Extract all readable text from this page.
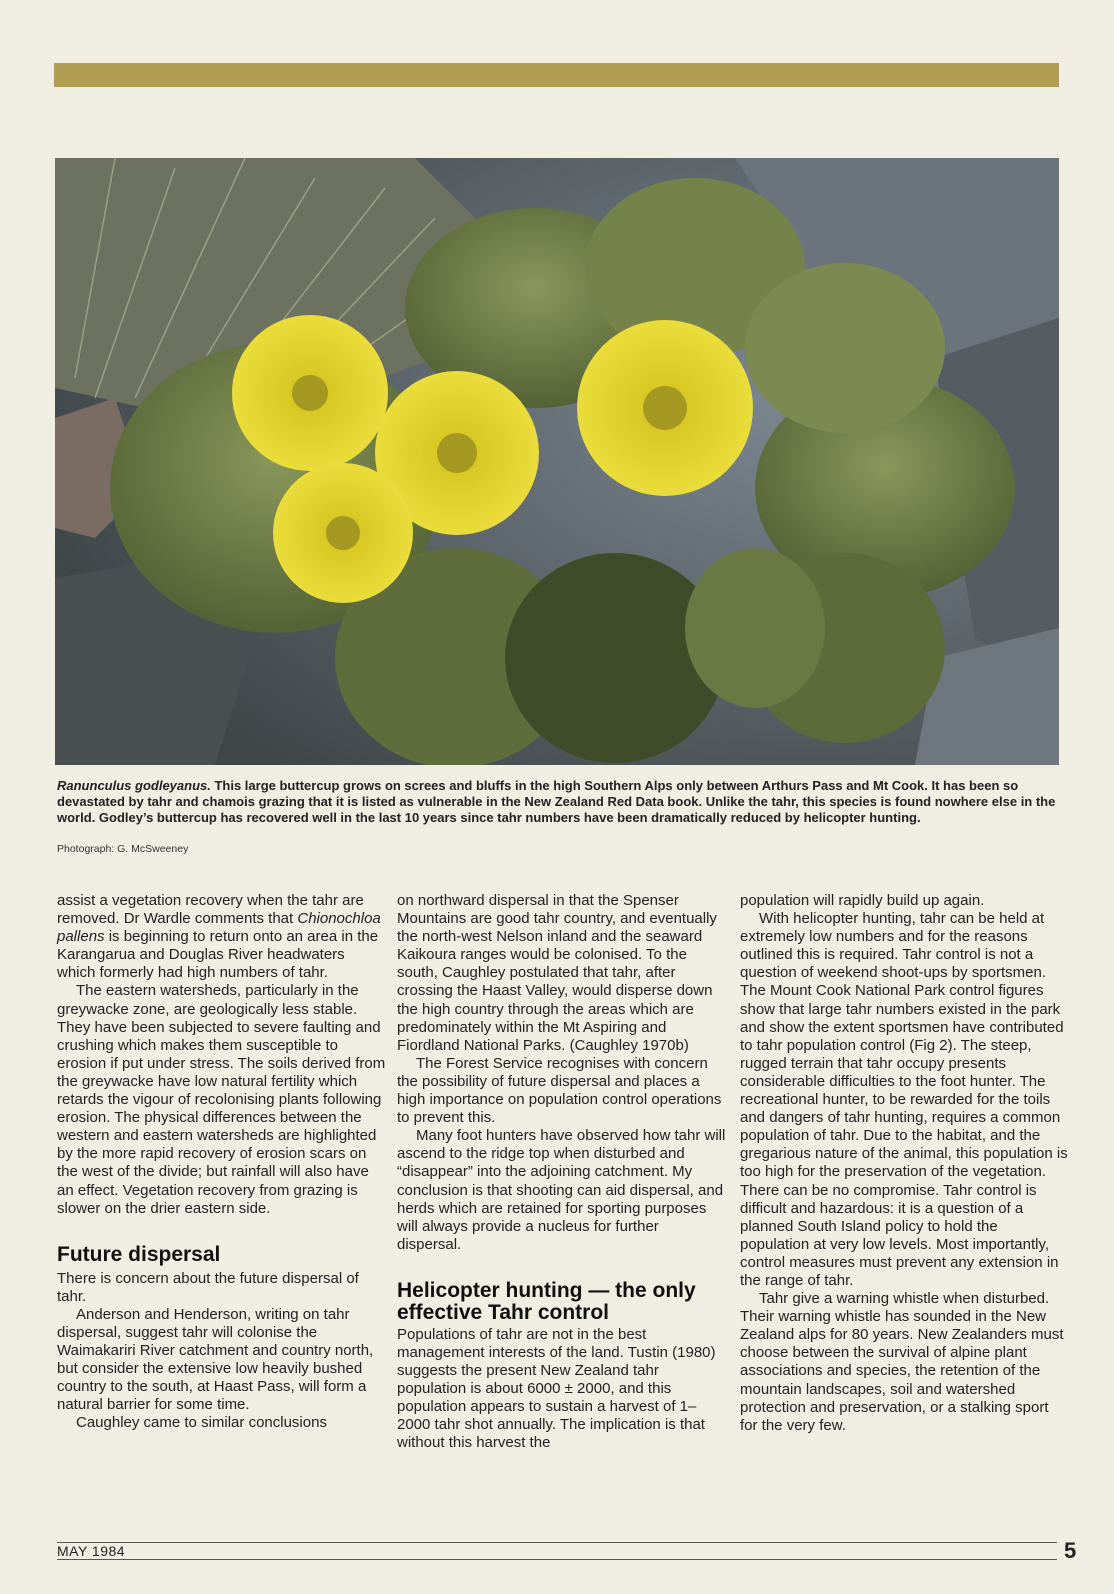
Ranunculus godleyanus. This large buttercup grows on screes and bluffs in the high Southern Alps only between Arthurs Pass and Mt Cook. It has been so devastated by tahr and chamois grazing that it is listed as vulnerable in the New Zealand Red Data book. Unlike the tahr, this species is found nowhere else in the world. Godley’s buttercup has recovered well in the last 10 years since tahr numbers have been dramatically reduced by helicopter hunting.
Photograph: G. McSweeney

assist a vegetation recovery when the tahr are removed. Dr Wardle comments that Chionochloa pallens is beginning to return onto an area in the Karangarua and Douglas River headwaters which formerly had high numbers of tahr.

The eastern watersheds, particularly in the greywacke zone, are geologically less stable. They have been subjected to severe faulting and crushing which makes them susceptible to erosion if put under stress. The soils derived from the greywacke have low natural fertility which retards the vigour of recolonising plants following erosion. The physical differences between the western and eastern watersheds are highlighted by the more rapid recovery of erosion scars on the west of the divide; but rainfall will also have an effect. Vegetation recovery from grazing is slower on the drier eastern side.

Future dispersal

There is concern about the future dispersal of tahr.

Anderson and Henderson, writing on tahr dispersal, suggest tahr will colonise the Waimakariri River catchment and country north, but consider the extensive low heavily bushed country to the south, at Haast Pass, will form a natural barrier for some time.

Caughley came to similar conclusions

on northward dispersal in that the Spenser Mountains are good tahr country, and eventually the north-west Nelson inland and the seaward Kaikoura ranges would be colonised. To the south, Caughley postulated that tahr, after crossing the Haast Valley, would disperse down the high country through the areas which are predominately within the Mt Aspiring and Fiordland National Parks. (Caughley 1970b)

The Forest Service recognises with concern the possibility of future dispersal and places a high importance on population control operations to prevent this.

Many foot hunters have observed how tahr will ascend to the ridge top when disturbed and “disappear” into the adjoining catchment. My conclusion is that shooting can aid dispersal, and herds which are retained for sporting purposes will always provide a nucleus for further dispersal.

Helicopter hunting — the only effective Tahr control

Populations of tahr are not in the best management interests of the land. Tustin (1980) suggests the present New Zealand tahr population is about 6000 ± 2000, and this population appears to sustain a harvest of 1–2000 tahr shot annually. The implication is that without this harvest the

population will rapidly build up again.

With helicopter hunting, tahr can be held at extremely low numbers and for the reasons outlined this is required. Tahr control is not a question of weekend shoot-ups by sportsmen. The Mount Cook National Park control figures show that large tahr numbers existed in the park and show the extent sportsmen have contributed to tahr population control (Fig 2). The steep, rugged terrain that tahr occupy presents considerable difficulties to the foot hunter. The recreational hunter, to be rewarded for the toils and dangers of tahr hunting, requires a common population of tahr. Due to the habitat, and the gregarious nature of the animal, this population is too high for the preservation of the vegetation. There can be no compromise. Tahr control is difficult and hazardous: it is a question of a planned South Island policy to hold the population at very low levels. Most importantly, control measures must prevent any extension in the range of tahr.

Tahr give a warning whistle when disturbed. Their warning whistle has sounded in the New Zealand alps for 80 years. New Zealanders must choose between the survival of alpine plant associations and species, the retention of the mountain landscapes, soil and watershed protection and preservation, or a stalking sport for the very few.

MAY 1984	5
